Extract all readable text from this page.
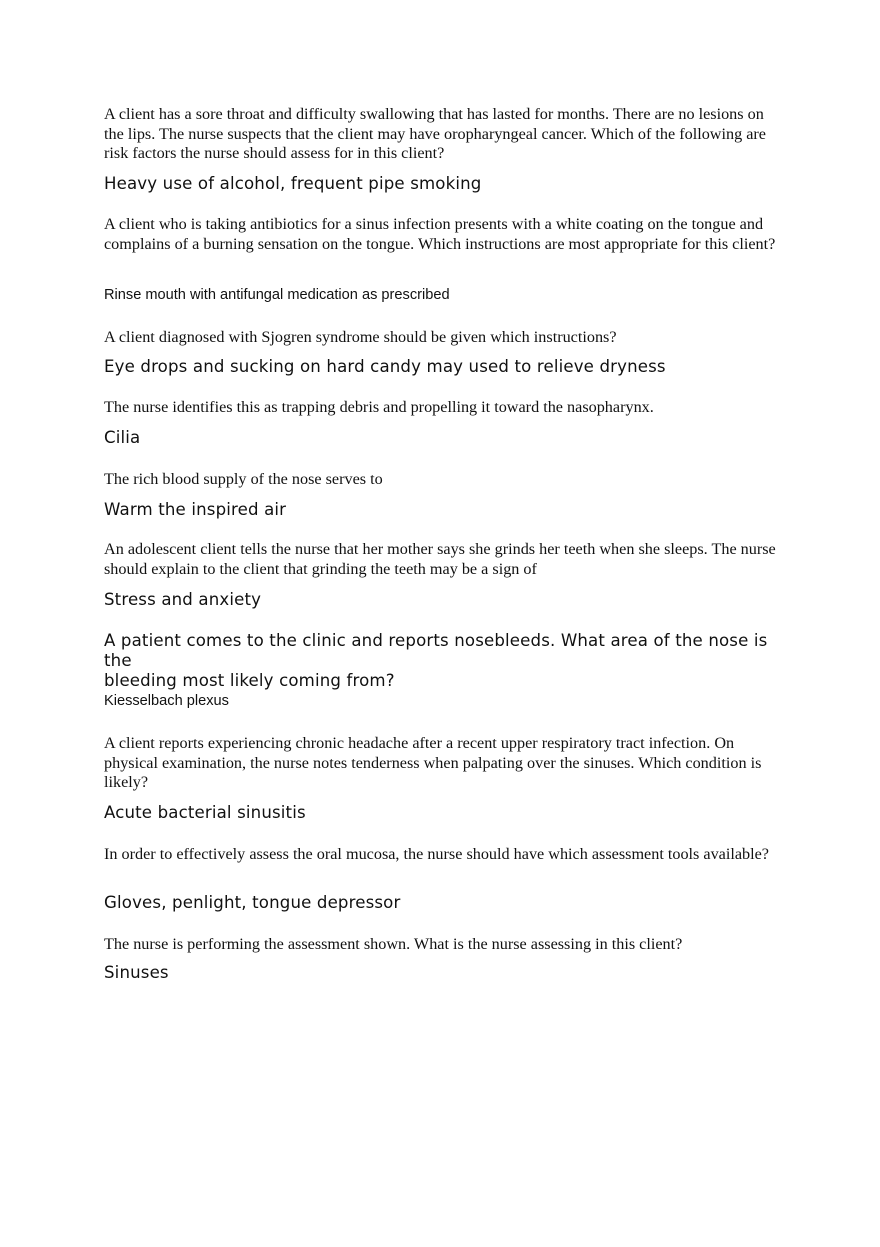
A client has a sore throat and difficulty swallowing that has lasted for months. There are no lesions on the lips. The nurse suspects that the client may have oropharyngeal cancer. Which of the following are risk factors the nurse should assess for in this client?

Heavy use of alcohol, frequent pipe smoking

A client who is taking antibiotics for a sinus infection presents with a white coating on the tongue and complains of a burning sensation on the tongue. Which instructions are most appropriate for this client?

Rinse mouth with antifungal medication as prescribed

A client diagnosed with Sjogren syndrome should be given which instructions?

Eye drops and sucking on hard candy may used to relieve dryness

The nurse identifies this as trapping debris and propelling it toward the nasopharynx.

Cilia

The rich blood supply of the nose serves to

Warm the inspired air

An adolescent client tells the nurse that her mother says she grinds her teeth when she sleeps. The nurse should explain to the client that grinding the teeth may be a sign of

Stress and anxiety

A patient comes to the clinic and reports nosebleeds. What area of the nose is the

bleeding most likely coming from?

Kiesselbach plexus

A client reports experiencing chronic headache after a recent upper respiratory tract infection. On physical examination, the nurse notes tenderness when palpating over the sinuses. Which condition is likely?

Acute bacterial sinusitis

In order to effectively assess the oral mucosa, the nurse should have which assessment tools available?

Gloves, penlight, tongue depressor

The nurse is performing the assessment shown. What is the nurse assessing in this client?

Sinuses
